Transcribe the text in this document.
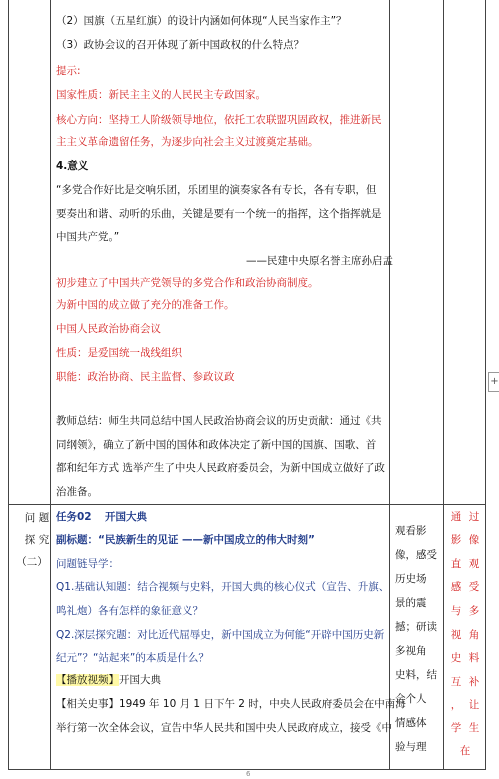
+
（2）国旗（五星红旗）的设计内涵如何体现“人民当家作主”？
（3）政协会议的召开体现了新中国政权的什么特点？
提示:
国家性质：新民主主义的人民民主专政国家。
核心方向：坚持工人阶级领导地位，依托工农联盟巩固政权，推进新民
主主义革命遗留任务，为逐步向社会主义过渡奠定基础。
4.意义
“多党合作好比是交响乐团，乐团里的演奏家各有专长，各有专职，但
要奏出和谐、动听的乐曲，关键是要有一个统一的指挥，这个指挥就是
中国共产党。”
——民建中央原名誉主席孙启孟
初步建立了中国共产党领导的多党合作和政治协商制度。
为新中国的成立做了充分的准备工作。
中国人民政治协商会议
性质：是爱国统一战线组织
职能：政治协商、民主监督、参政议政
教师总结：师生共同总结中国人民政治协商会议的历史贡献：通过《共
同纲领》，确立了新中国的国体和政体决定了新中国的国旗、国歌、首
都和纪年方式 选举产生了中央人民政府委员会，为新中国成立做好了政
治准备。
问 题
探 究
（二）
任务02 开国大典
副标题：“民族新生的见证 ——新中国成立的伟大时刻”
问题链导学：
Q1.基础认知题：结合视频与史料，开国大典的核心仪式（宣告、升旗、
鸣礼炮）各有怎样的象征意义？
Q2.深层探究题：对比近代屈辱史，新中国成立为何能“开辟中国历史新
纪元”？“站起来”的本质是什么？
【播放视频】开国大典
【相关史事】1949 年 10 月 1 日下午 2 时，中央人民政府委员会在中南海
举行第一次全体会议，宣告中华人民共和国中央人民政府成立，接受《中
观看影
像，感受
历史场
景的震
撼；研读
多视角
史料，结
合个人
情感体
验与理
通 过
影 像
直 观
感 受
与 多
视 角
史 料
互 补
， 让
学 生
在
6
